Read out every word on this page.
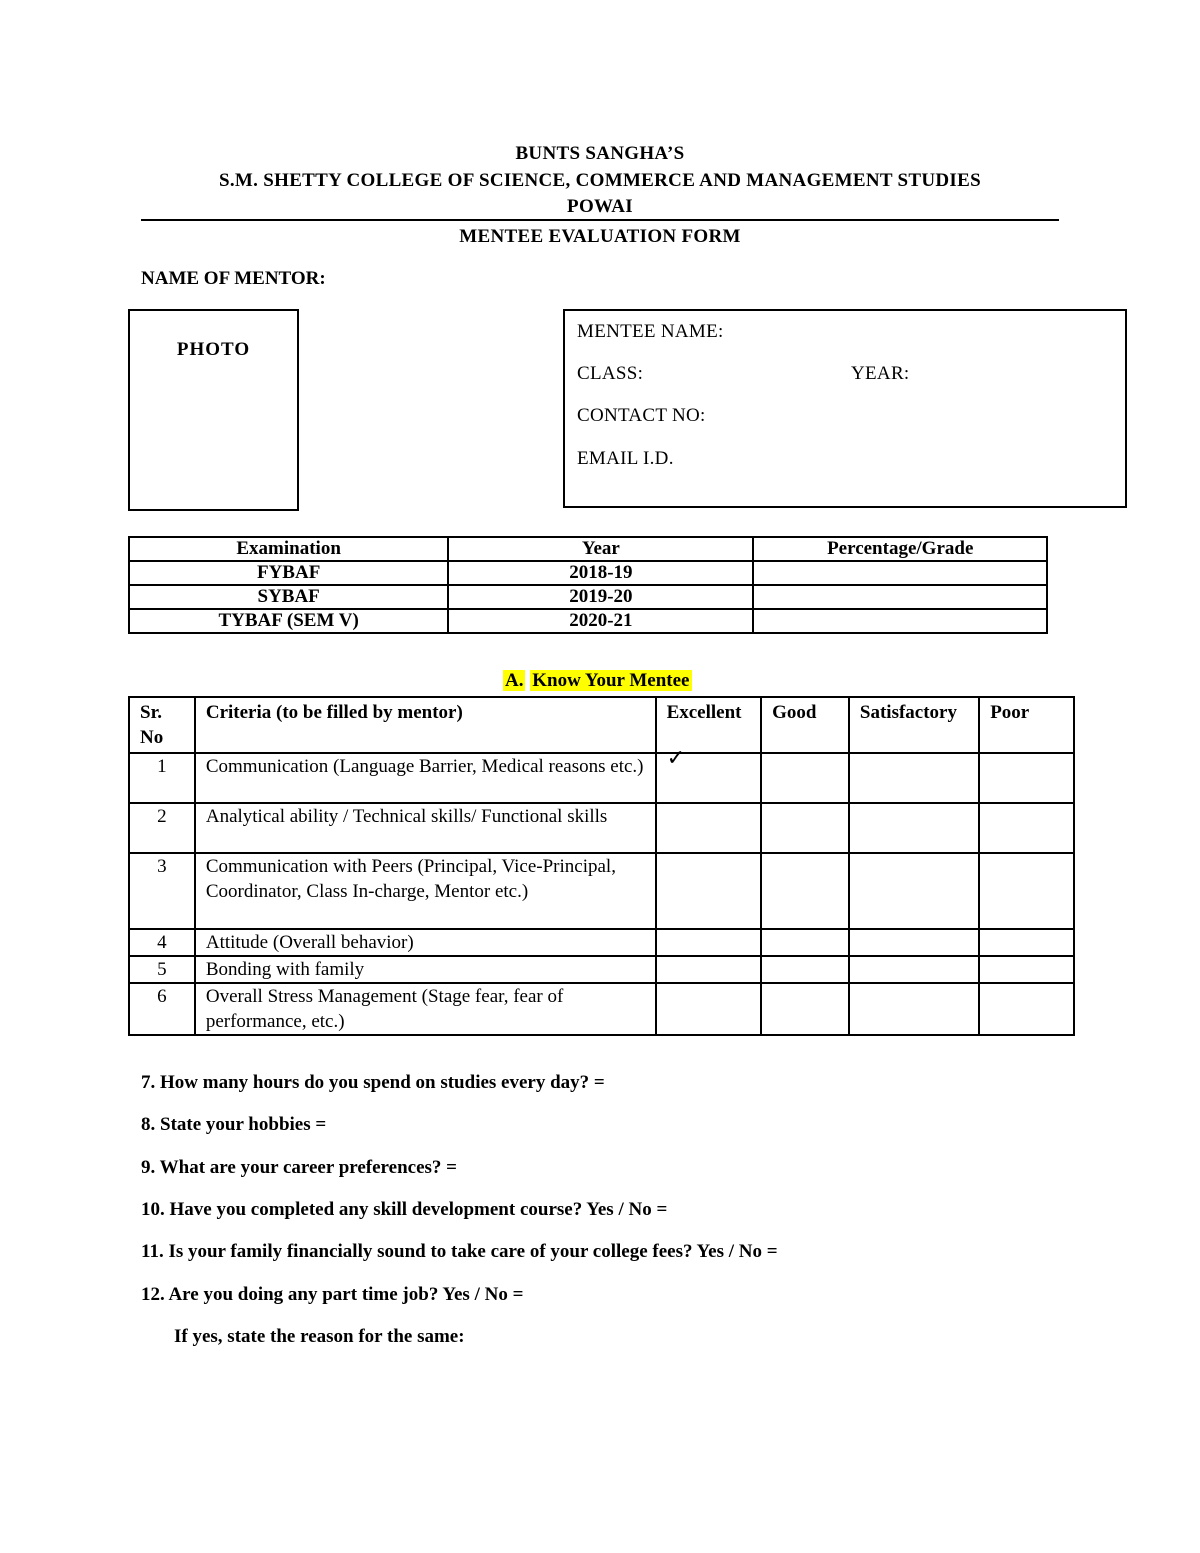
BUNTS SANGHA’S
S.M. SHETTY COLLEGE OF SCIENCE, COMMERCE AND MANAGEMENT STUDIES
POWAI
MENTEE EVALUATION FORM
NAME OF MENTOR:
PHOTO
MENTEE NAME:
CLASS:	YEAR:
CONTACT NO:
EMAIL I.D.
Examination	Year	Percentage/Grade
FYBAF	2018-19	
SYBAF	2019-20	
TYBAF (SEM V)	2020-21	
A. Know Your Mentee
Sr. No	Criteria (to be filled by mentor)	Excellent	Good	Satisfactory	Poor
1	Communication (Language Barrier, Medical reasons etc.)	✓			

2	Analytical ability / Technical skills/ Functional skills				
3	Communication with Peers (Principal, Vice-Principal, Coordinator, Class In-charge, Mentor etc.)				
4	Attitude (Overall behavior)				
5	Bonding with family				
6	Overall Stress Management (Stage fear, fear of performance, etc.)				
7. How many hours do you spend on studies every day? =
8. State your hobbies =
9. What are your career preferences? =
10. Have you completed any skill development course? Yes / No =
11. Is your family financially sound to take care of your college fees? Yes / No =
12. Are you doing any part time job? Yes / No =
If yes, state the reason for the same:
